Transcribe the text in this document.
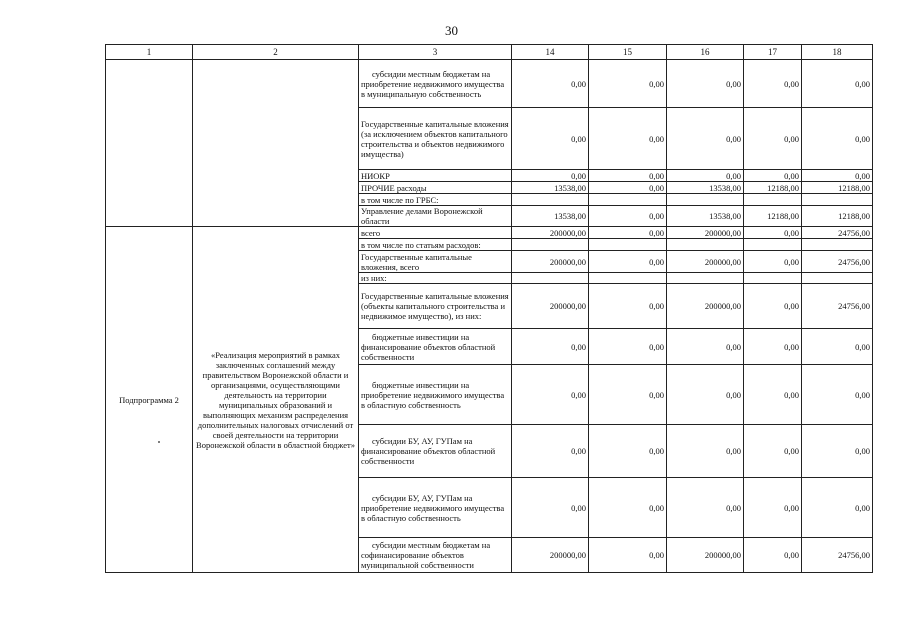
30
1	2	3	14	15	16	17	18
		субсидии местным бюджетам на приобретение недвижимого имущества в муниципальную собственность	0,00	0,00	0,00	0,00	0,00
		Государственные капитальные вложения (за исключением объектов капитального строительства и объектов недвижимого имущества)	0,00	0,00	0,00	0,00	0,00
		НИОКР	0,00	0,00	0,00	0,00	0,00
		ПРОЧИЕ расходы	13538,00	0,00	13538,00	12188,00	12188,00
		в том числе по ГРБС:					
		Управление делами Воронежской области	13538,00	0,00	13538,00	12188,00	12188,00
Подпрограмма 2	«Реализация мероприятий в рамках заключенных соглашений между правительством Воронежской области и организациями, осуществляющими деятельность на территории муниципальных образований и выполняющих механизм распределения дополнительных налоговых отчислений от своей деятельности на территории Воронежской области в областной бюджет»	всего	200000,00	0,00	200000,00	0,00	24756,00
		в том числе по статьям расходов:					
		Государственные капитальные вложения, всего	200000,00	0,00	200000,00	0,00	24756,00
		из них:					
		Государственные капитальные вложения (объекты капитального строительства и недвижимое имущество), из них:	200000,00	0,00	200000,00	0,00	24756,00
		бюджетные инвестиции на финансирование объектов областной собственности	0,00	0,00	0,00	0,00	0,00
		бюджетные инвестиции на приобретение недвижимого имущества в областную собственность	0,00	0,00	0,00	0,00	0,00
		субсидии БУ, АУ, ГУПам на финансирование объектов областной собственности	0,00	0,00	0,00	0,00	0,00
		субсидии БУ, АУ, ГУПам на приобретение недвижимого имущества в областную собственность	0,00	0,00	0,00	0,00	0,00
		субсидии местным бюджетам на софинансирование объектов муниципальной собственности	200000,00	0,00	200000,00	0,00	24756,00
